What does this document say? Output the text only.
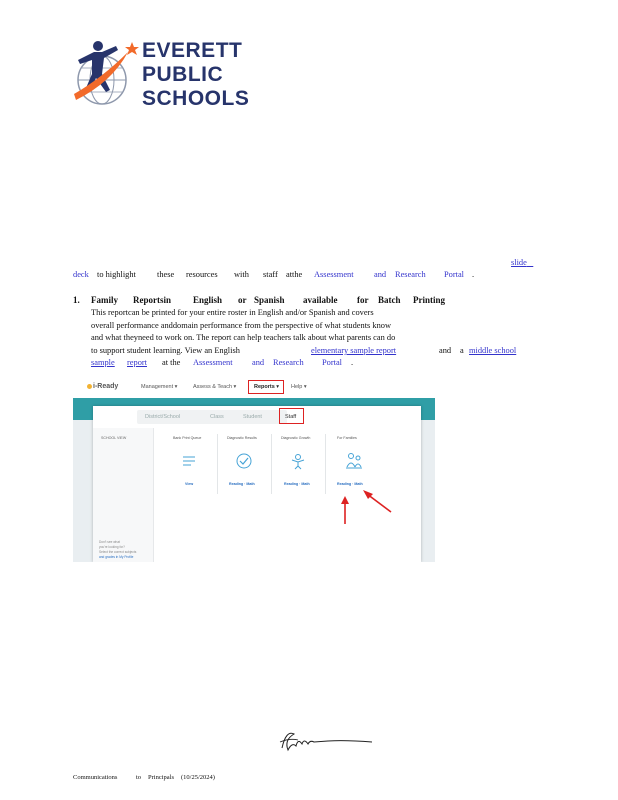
EVERETT
PUBLIC
SCHOOLS
slide

deck to highlight	these resources with staff atthe Assessment and Research Portal .
1. Family Reportsin English or Spanish available for Batch Printing
This reportcan be printed for your entire roster in English and/or Spanish and covers
overall performance anddomain performance from the perspective of what students know
and what theyneed to work on. The report can help teachers talk about what parents can do
to support student learning. View an English	elementary sample report	and a middle school
sample report at the Assessment and Research Portal .
i-Ready	Management ▾	Assess & Teach ▾	Reports ▾ Help ▾
District/School	Class	Student	Staff
SCHOOL VIEW
Don't see what
you're looking for?
Select the correct subjects
and grades in My Profile
Bank Print Queue	Diagnostic Results	Diagnostic Growth	For Families
View	Reading · Math	Reading · Math	Reading · Math
Communications	to Principals (10/25/2024)
